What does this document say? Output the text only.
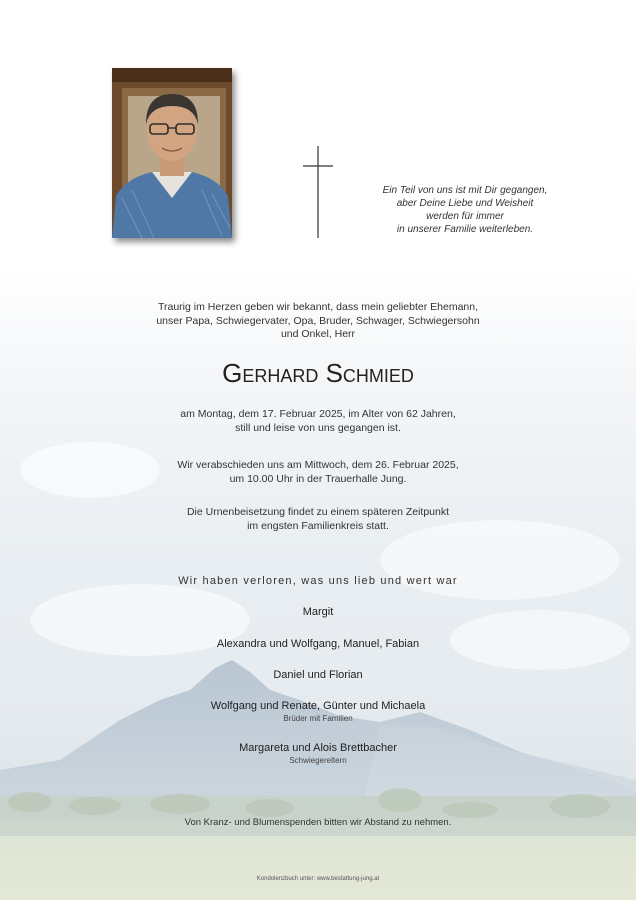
Ein Teil von uns ist mit Dir gegangen,
aber Deine Liebe und Weisheit
werden für immer
in unserer Familie weiterleben.
Traurig im Herzen geben wir bekannt, dass mein geliebter Ehemann,
unser Papa, Schwiegervater, Opa, Bruder, Schwager, Schwiegersohn
und Onkel, Herr
Gerhard Schmied
am Montag, dem 17. Februar 2025, im Alter von 62 Jahren,
still und leise von uns gegangen ist.
Wir verabschieden uns am Mittwoch, dem 26. Februar 2025,
um 10.00 Uhr in der Trauerhalle Jung.
Die Urnenbeisetzung findet zu einem späteren Zeitpunkt
im engsten Familienkreis statt.
Wir haben verloren, was uns lieb und wert war
Margit
Alexandra und Wolfgang, Manuel, Fabian
Daniel und Florian
Wolfgang und Renate, Günter und Michaela
Brüder mit Familien
Margareta und Alois Brettbacher
Schwiegereltern
Von Kranz- und Blumenspenden bitten wir Abstand zu nehmen.
Kondolenzbuch unter: www.bestattung-jung.at
